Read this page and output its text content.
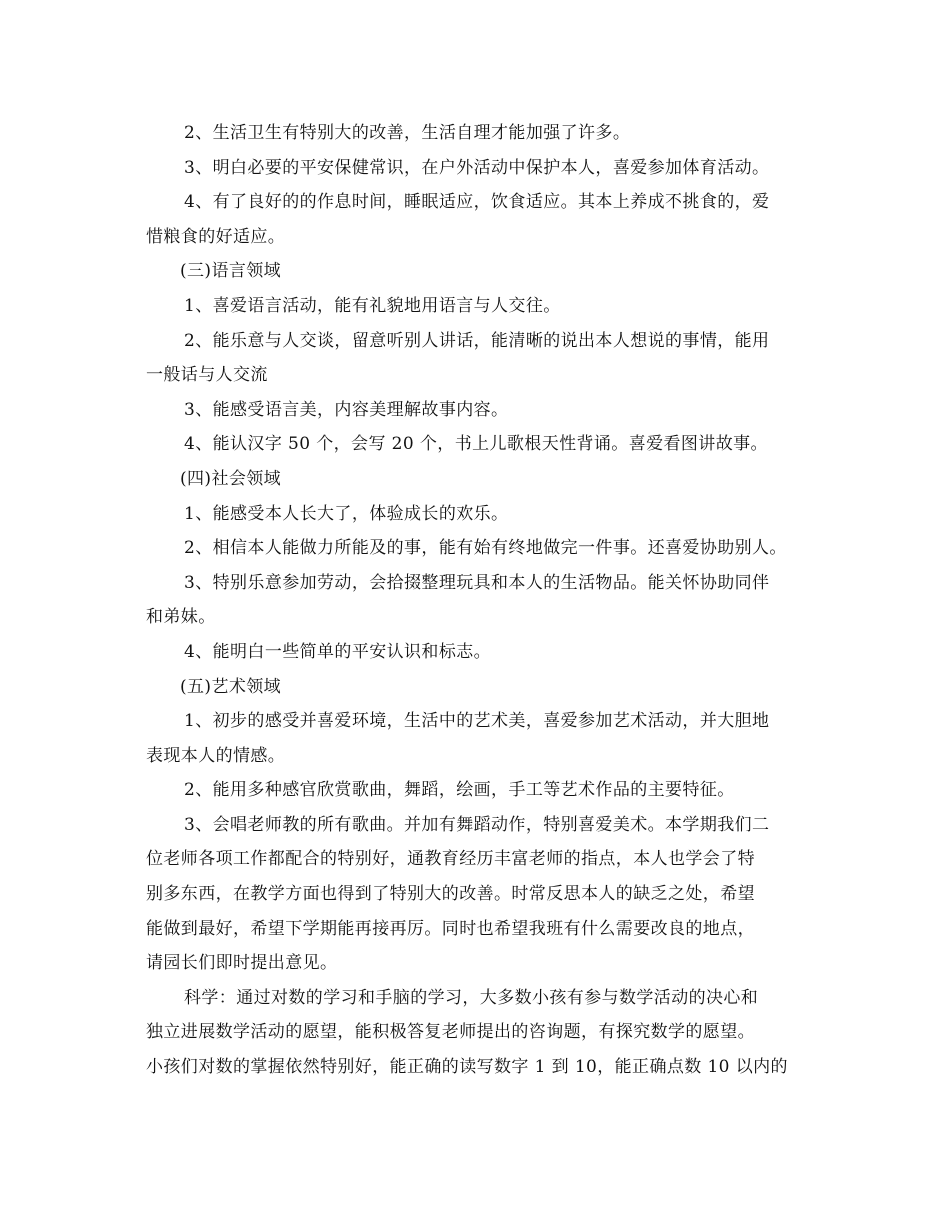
2、生活卫生有特别大的改善，生活自理才能加强了许多。
3、明白必要的平安保健常识，在户外活动中保护本人，喜爱参加体育活动。
4、有了良好的的作息时间，睡眠适应，饮食适应。其本上养成不挑食的，爱
惜粮食的好适应。
(三)语言领域
1、喜爱语言活动，能有礼貌地用语言与人交往。
2、能乐意与人交谈，留意听别人讲话，能清晰的说出本人想说的事情，能用
一般话与人交流
3、能感受语言美，内容美理解故事内容。
4、能认汉字 50 个，会写 20 个，书上儿歌根天性背诵。喜爱看图讲故事。
(四)社会领域
1、能感受本人长大了，体验成长的欢乐。
2、相信本人能做力所能及的事，能有始有终地做完一件事。还喜爱协助别人。
3、特别乐意参加劳动，会拾掇整理玩具和本人的生活物品。能关怀协助同伴
和弟妹。
4、能明白一些简单的平安认识和标志。
(五)艺术领域
1、初步的感受并喜爱环境，生活中的艺术美，喜爱参加艺术活动，并大胆地
表现本人的情感。
2、能用多种感官欣赏歌曲，舞蹈，绘画，手工等艺术作品的主要特征。
3、会唱老师教的所有歌曲。并加有舞蹈动作，特别喜爱美术。本学期我们二
位老师各项工作都配合的特别好，通教育经历丰富老师的指点，本人也学会了特
别多东西，在教学方面也得到了特别大的改善。时常反思本人的缺乏之处，希望
能做到最好，希望下学期能再接再厉。同时也希望我班有什么需要改良的地点，
请园长们即时提出意见。
科学：通过对数的学习和手脑的学习，大多数小孩有参与数学活动的决心和
独立进展数学活动的愿望，能积极答复老师提出的咨询题，有探究数学的愿望。
小孩们对数的掌握依然特别好，能正确的读写数字 1 到 10，能正确点数 10 以内的
